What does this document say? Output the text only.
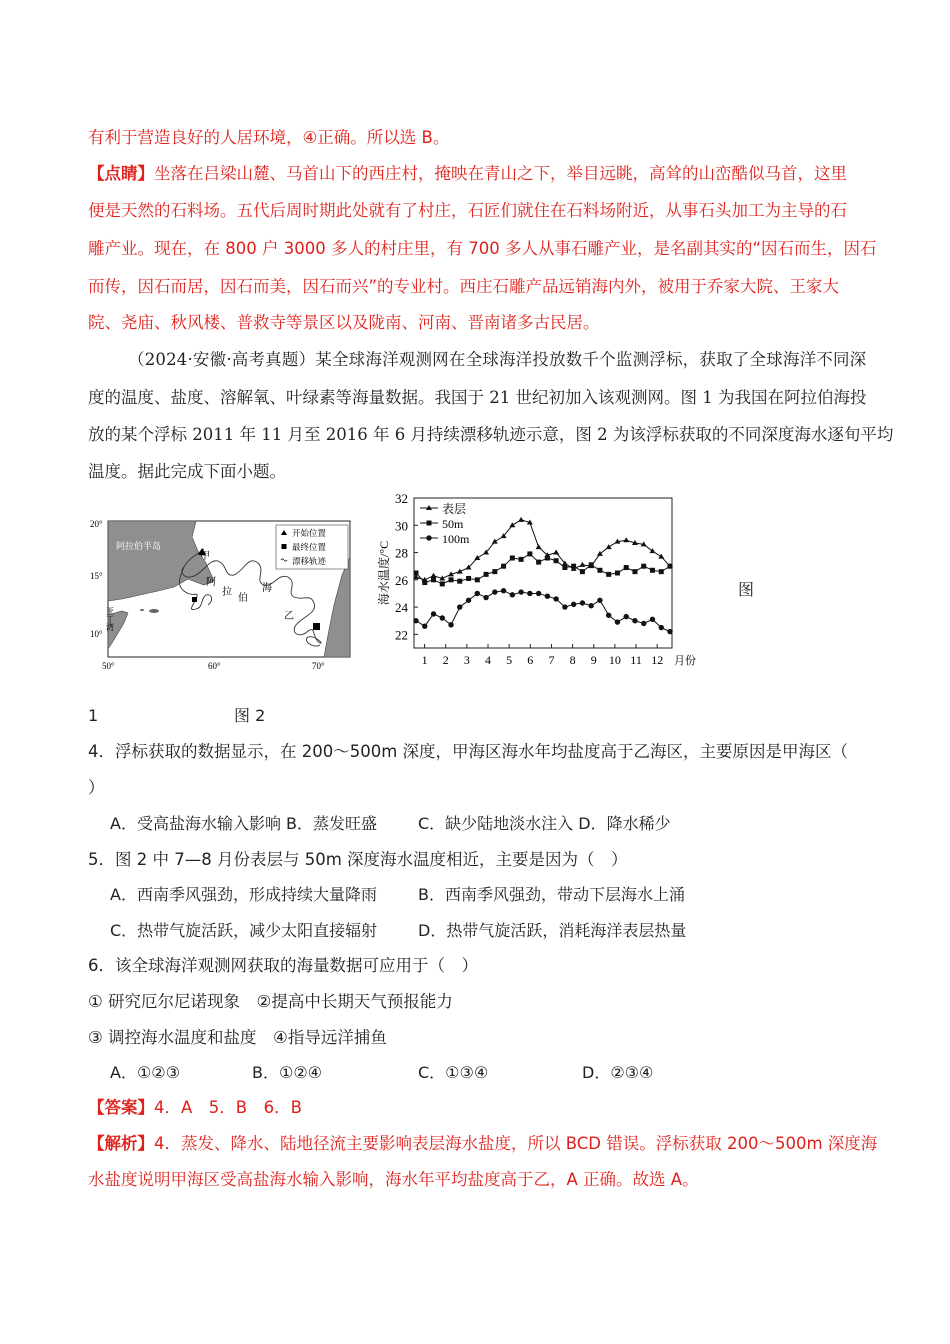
有利于营造良好的人居环境，④正确。所以选 B。
【点睛】坐落在吕梁山麓、马首山下的西庄村，掩映在青山之下，举目远眺，高耸的山峦酷似马首，这里
便是天然的石料场。五代后周时期此处就有了村庄，石匠们就住在石料场附近，从事石头加工为主导的石
雕产业。现在，在 800 户 3000 多人的村庄里，有 700 多人从事石雕产业，是名副其实的“因石而生，因石
而传，因石而居，因石而美，因石而兴”的专业村。西庄石雕产品远销海内外，被用于乔家大院、王家大
院、尧庙、秋风楼、普救寺等景区以及陇南、河南、晋南诸多古民居。
（2024·安徽·高考真题）某全球海洋观测网在全球海洋投放数千个监测浮标，获取了全球海洋不同深
度的温度、盐度、溶解氧、叶绿素等海量数据。我国于 21 世纪初加入该观测网。图 1 为我国在阿拉伯海投
放的某个浮标 2011 年 11 月至 2016 年 6 月持续漂移轨迹示意，图 2 为该浮标获取的不同深度海水逐旬平均
温度。据此完成下面小题。
开始位置
最终位置
漂移轨迹
阿拉伯半岛
甲
乙
阿
拉
伯
海
亚丁湾
20°
15°
10°
50°	60°	70°
22
24
26
28
30
32
1 2 3 4 5 6 7 8 9 10 11 12 月份
海水温度/°C
表层
50m
100m
图
1	图 2
4．浮标获取的数据显示，在 200～500m 深度，甲海区海水年均盐度高于乙海区，主要原因是甲海区（
）
A．受高盐海水输入影响 B．蒸发旺盛	C．缺少陆地淡水注入 D．降水稀少
5．图 2 中 7—8 月份表层与 50m 深度海水温度相近，主要是因为（　）
A．西南季风强劲，形成持续大量降雨	B．西南季风强劲，带动下层海水上涌
C．热带气旋活跃，减少太阳直接辐射	D．热带气旋活跃，消耗海洋表层热量
6．该全球海洋观测网获取的海量数据可应用于（　）
① 研究厄尔尼诺现象　②提高中长期天气预报能力
③ 调控海水温度和盐度　④指导远洋捕鱼
A．①②③	B．①②④	C．①③④	D．②③④
【答案】4．A　5．B　6．B
【解析】4．蒸发、降水、陆地径流主要影响表层海水盐度，所以 BCD 错误。浮标获取 200～500m 深度海
水盐度说明甲海区受高盐海水输入影响，海水年平均盐度高于乙，A 正确。故选 A。
